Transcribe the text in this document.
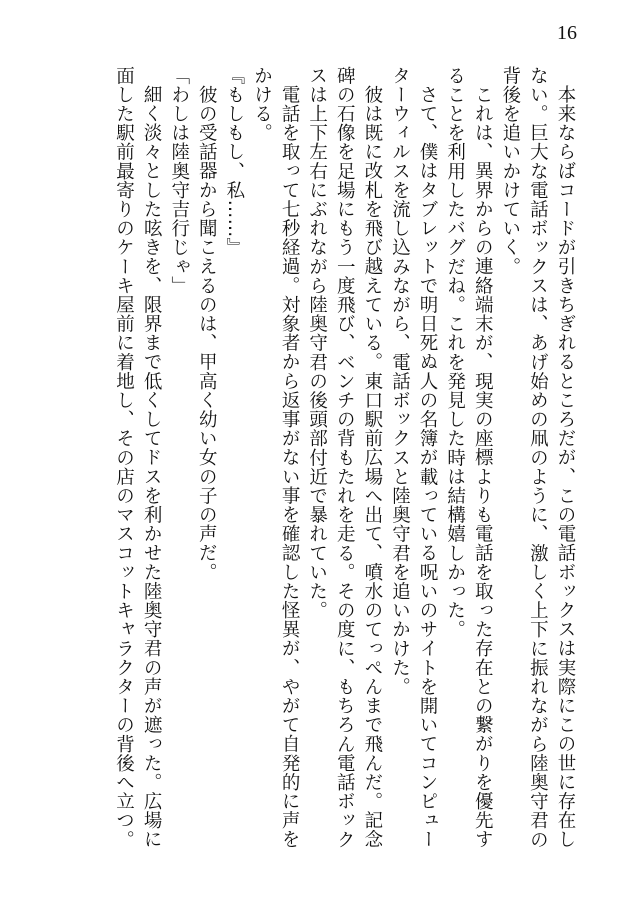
16

本来ならばコードが引きちぎれるところだが、この電話ボックスは実際にこの世に存在しない。巨大な電話ボックスは、あげ始めの凧のように、激しく上下に振れながら陸奥守君の背後を追いかけていく。

これは、異界からの連絡端末が、現実の座標よりも電話を取った存在との繋がりを優先することを利用したバグだね。これを発見した時は結構嬉しかった。

さて、僕はタブレットで明日死ぬ人の名簿が載っている呪いのサイトを開いてコンピューターウィルスを流し込みながら、電話ボックスと陸奥守君を追いかけた。

彼は既に改札を飛び越えている。東口駅前広場へ出て、噴水のてっぺんまで飛んだ。記念碑の石像を足場にもう一度飛び、ベンチの背もたれを走る。その度に、もちろん電話ボックスは上下左右にぶれながら陸奥守君の後頭部付近で暴れていた。

電話を取って七秒経過。対象者から返事がない事を確認した怪異が、やがて自発的に声をかける。

『もしもし、私……』

彼の受話器から聞こえるのは、甲高く幼い女の子の声だ。

「わしは陸奥守吉行じゃ」

細く淡々とした呟きを、限界まで低くしてドスを利かせた陸奥守君の声が遮った。広場に面した駅前最寄りのケーキ屋前に着地し、その店のマスコットキャラクターの背後へ立つ。
